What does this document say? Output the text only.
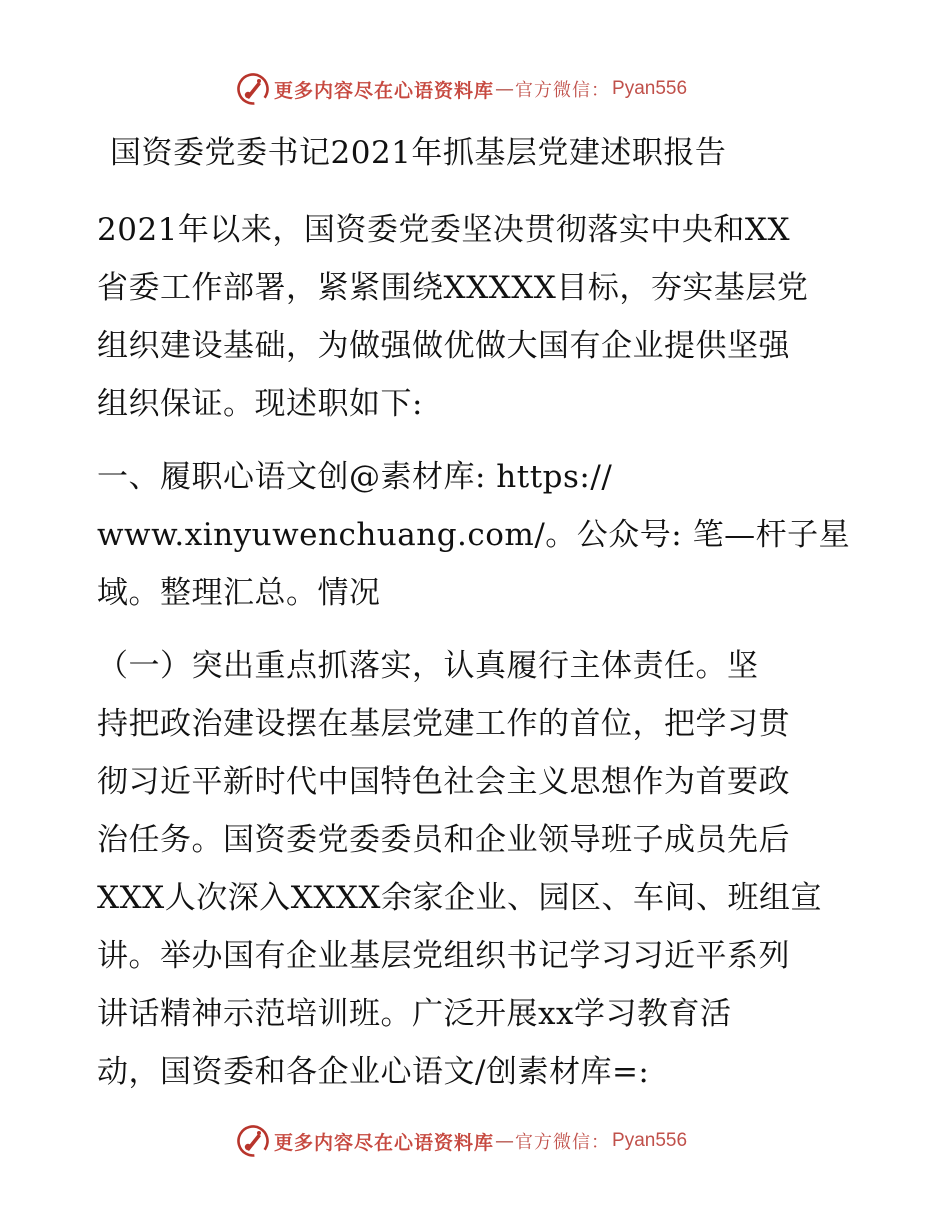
更多内容尽在心语资料库 — 官方微信： Pyan556
国资委党委书记2021年抓基层党建述职报告
2021年以来，国资委党委坚决贯彻落实中央和XX
省委工作部署，紧紧围绕XXXXX目标，夯实基层党
组织建设基础，为做强做优做大国有企业提供坚强
组织保证。现述职如下:
一、履职心语文创@素材库: https://
www.xinyuwenchuang.com/。公众号: 笔—杆子星
域。整理汇总。情况
（一）突出重点抓落实，认真履行主体责任。坚
持把政治建设摆在基层党建工作的首位，把学习贯
彻习近平新时代中国特色社会主义思想作为首要政
治任务。国资委党委委员和企业领导班子成员先后
XXX人次深入XXXX余家企业、园区、车间、班组宣
讲。举办国有企业基层党组织书记学习习近平系列
讲话精神示范培训班。广泛开展xx学习教育活
动，国资委和各企业心语文/创素材库=:
更多内容尽在心语资料库 — 官方微信： Pyan556
